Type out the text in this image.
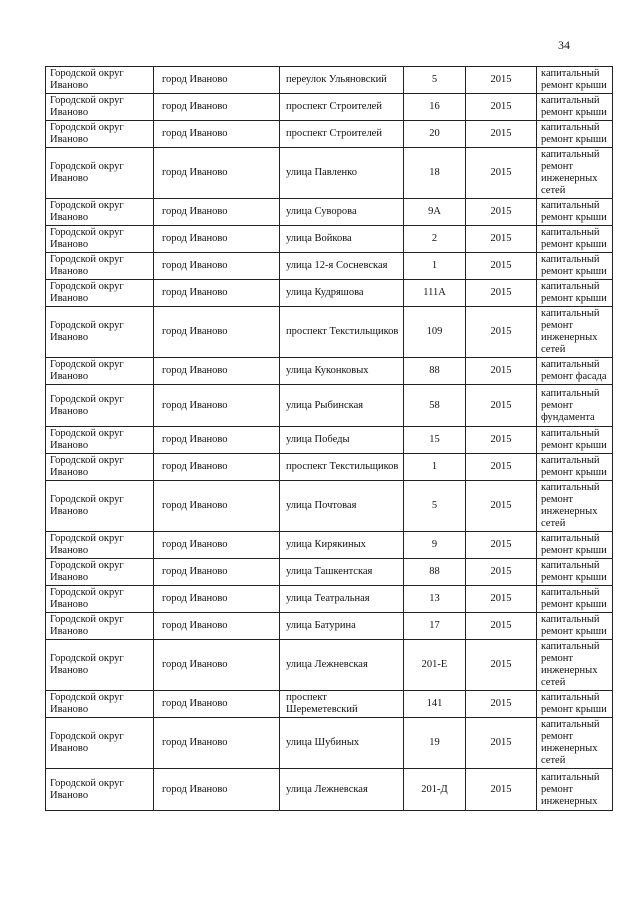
34
Городской округ Иваново	город Иваново	переулок Ульяновский	5	2015	капитальный ремонт крыши
Городской округ Иваново	город Иваново	проспект Строителей	16	2015	капитальный ремонт крыши
Городской округ Иваново	город Иваново	проспект Строителей	20	2015	капитальный ремонт крыши
Городской округ Иваново	город Иваново	улица Павленко	18	2015	капитальный ремонт инженерных сетей
Городской округ Иваново	город Иваново	улица Суворова	9А	2015	капитальный ремонт крыши
Городской округ Иваново	город Иваново	улица Войкова	2	2015	капитальный ремонт крыши
Городской округ Иваново	город Иваново	улица 12-я Сосневская	1	2015	капитальный ремонт крыши
Городской округ Иваново	город Иваново	улица Кудряшова	111А	2015	капитальный ремонт крыши
Городской округ Иваново	город Иваново	проспект Текстильщиков	109	2015	капитальный ремонт инженерных сетей
Городской округ Иваново	город Иваново	улица Куконковых	88	2015	капитальный ремонт фасада
Городской округ Иваново	город Иваново	улица Рыбинская	58	2015	капитальный ремонт фундамента
Городской округ Иваново	город Иваново	улица Победы	15	2015	капитальный ремонт крыши
Городской округ Иваново	город Иваново	проспект Текстильщиков	1	2015	капитальный ремонт крыши
Городской округ Иваново	город Иваново	улица Почтовая	5	2015	капитальный ремонт инженерных сетей
Городской округ Иваново	город Иваново	улица Кирякиных	9	2015	капитальный ремонт крыши
Городской округ Иваново	город Иваново	улица Ташкентская	88	2015	капитальный ремонт крыши
Городской округ Иваново	город Иваново	улица Театральная	13	2015	капитальный ремонт крыши
Городской округ Иваново	город Иваново	улица Батурина	17	2015	капитальный ремонт крыши
Городской округ Иваново	город Иваново	улица Лежневская	201-Е	2015	капитальный ремонт инженерных сетей
Городской округ Иваново	город Иваново	проспект Шереметевский	141	2015	капитальный ремонт крыши
Городской округ Иваново	город Иваново	улица Шубиных	19	2015	капитальный ремонт инженерных сетей
Городской округ Иваново	город Иваново	улица Лежневская	201-Д	2015	капитальный ремонт инженерных
